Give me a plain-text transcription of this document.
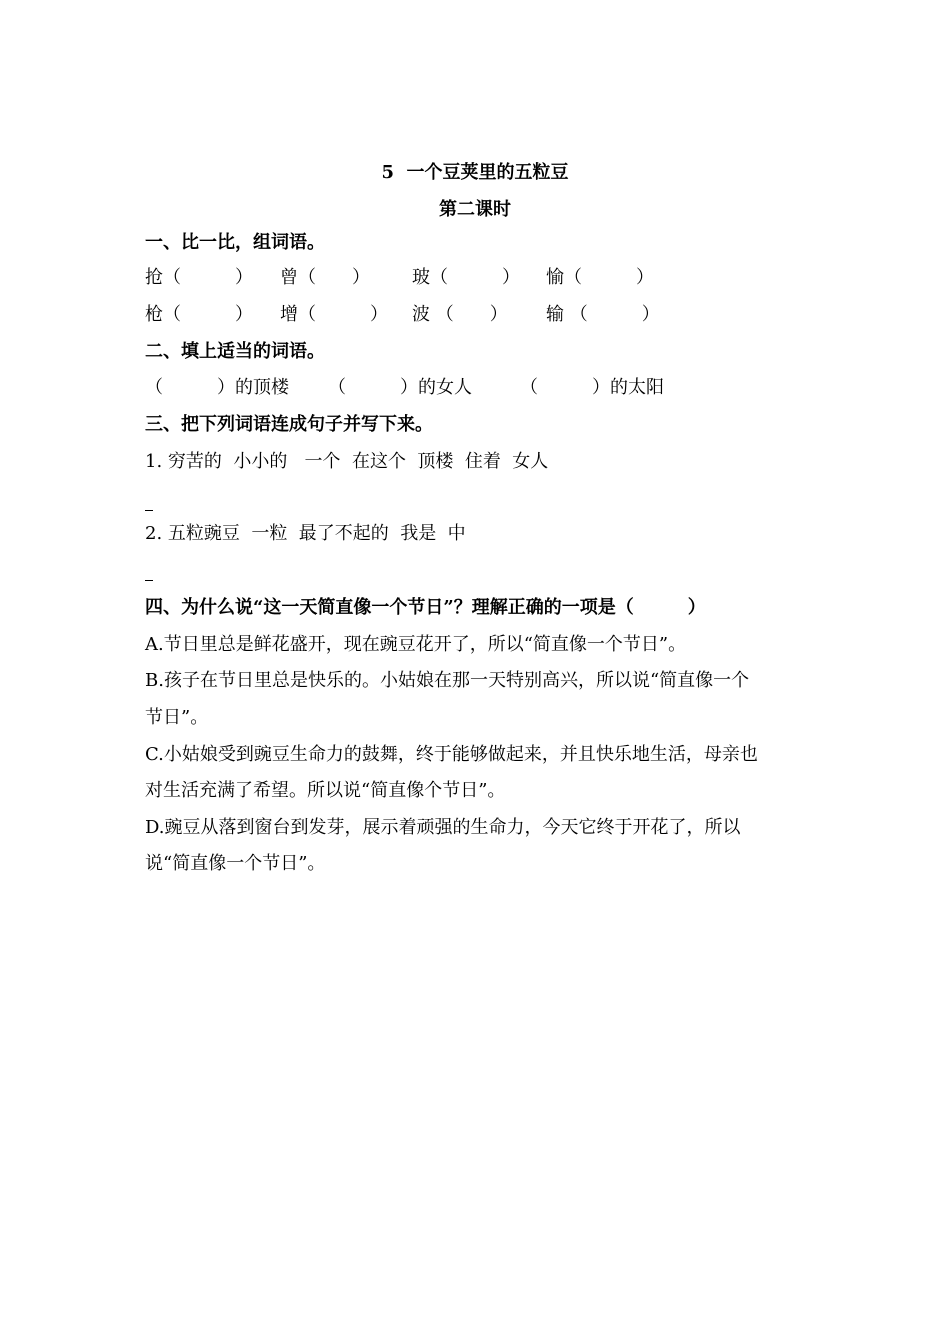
5  一个豆荚里的五粒豆
第二课时
一、比一比，组词语。
抢（　　　） 曾（　　） 玻（　　　） 愉（　　　）
枪（　　　） 增（　　　） 波 （　　） 输 （　　　）
二、填上适当的词语。
（　　　）的顶楼 （　　　）的女人	（　　　）的太阳
三、把下列词语连成句子并写下来。
1. 穷苦的  小小的   一个  在这个  顶楼  住着  女人
2. 五粒豌豆  一粒  最了不起的  我是  中
四、为什么说“这一天简直像一个节日”？理解正确的一项是（　　　）
A.节日里总是鲜花盛开，现在豌豆花开了，所以“简直像一个节日”。
B.孩子在节日里总是快乐的。小姑娘在那一天特别高兴，所以说“简直像一个
节日”。
C.小姑娘受到豌豆生命力的鼓舞，终于能够做起来，并且快乐地生活，母亲也
对生活充满了希望。所以说“简直像个节日”。
D.豌豆从落到窗台到发芽，展示着顽强的生命力，今天它终于开花了，所以
说“简直像一个节日”。
